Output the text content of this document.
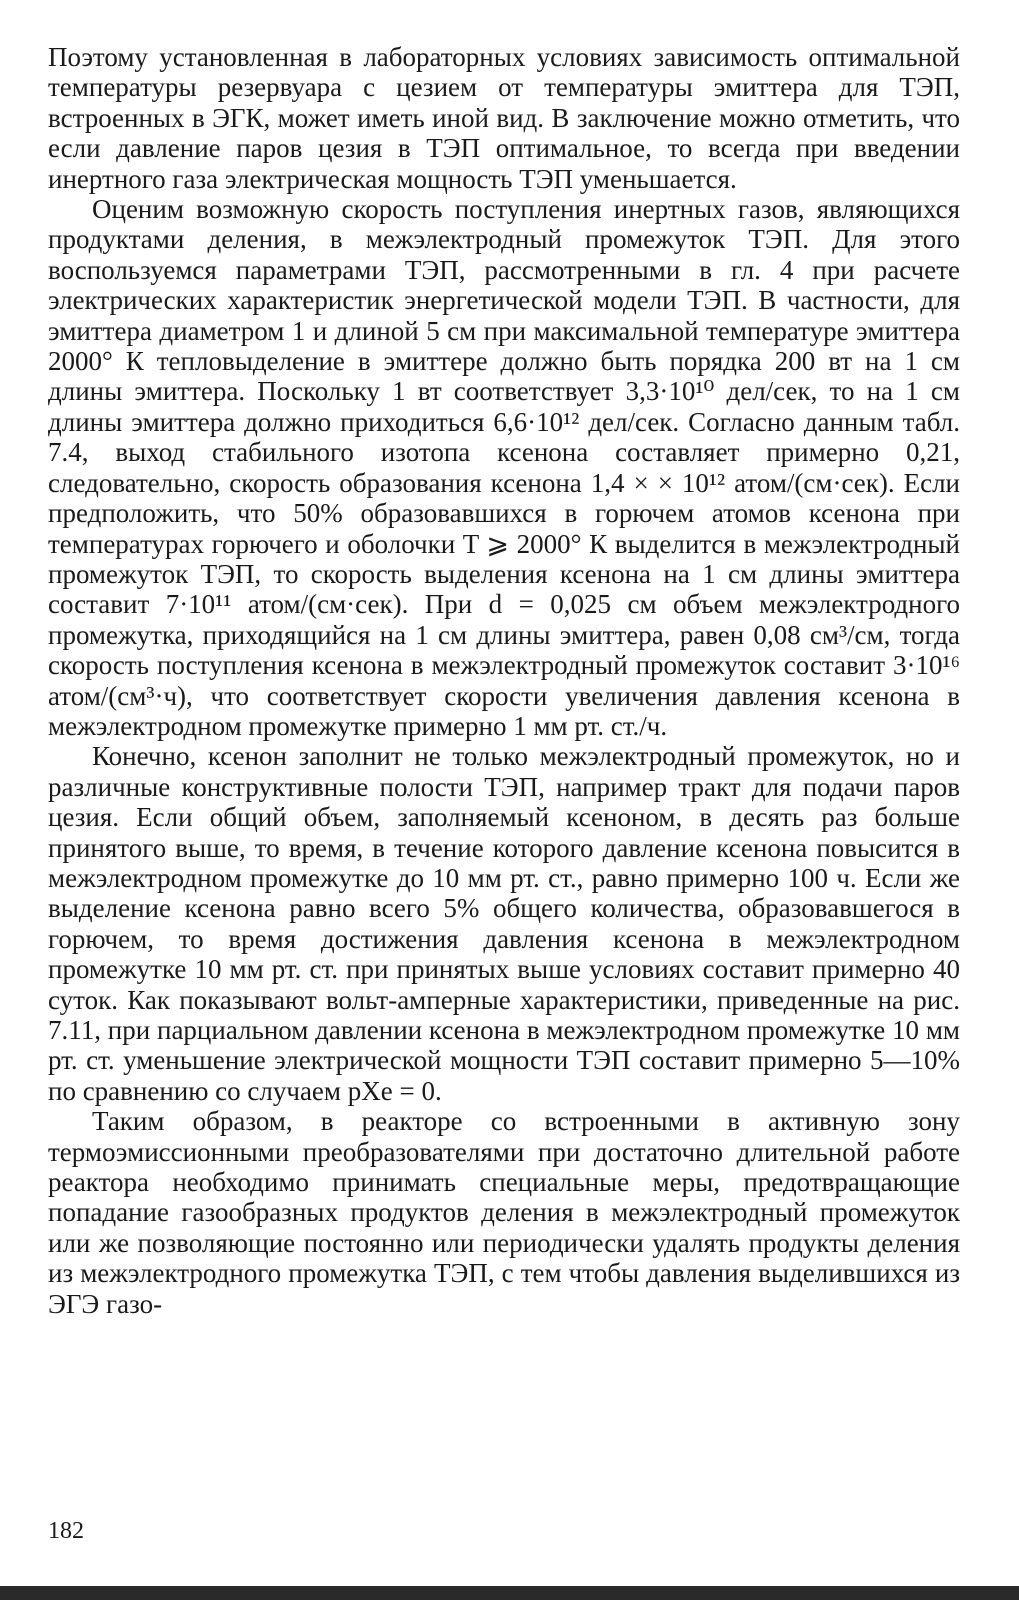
Поэтому установленная в лабораторных условиях зависимость оптимальной температуры резервуара с цезием от температуры эмиттера для ТЭП, встроенных в ЭГК, может иметь иной вид. В заключение можно отметить, что если давление паров цезия в ТЭП оптимальное, то всегда при введении инертного газа электрическая мощность ТЭП уменьшается.

Оценим возможную скорость поступления инертных газов, являющихся продуктами деления, в межэлектродный промежуток ТЭП. Для этого воспользуемся параметрами ТЭП, рассмотренными в гл. 4 при расчете электрических характеристик энергетической модели ТЭП. В частности, для эмиттера диаметром 1 и длиной 5 см при максимальной температуре эмиттера 2000° К тепловыделение в эмиттере должно быть порядка 200 вт на 1 см длины эмиттера. Поскольку 1 вт соответствует 3,3·10¹⁰ дел/сек, то на 1 см длины эмиттера должно приходиться 6,6·10¹² дел/сек. Согласно данным табл. 7.4, выход стабильного изотопа ксенона составляет примерно 0,21, следовательно, скорость образования ксенона 1,4 × × 10¹² атом/(см·сек). Если предположить, что 50% образовавшихся в горючем атомов ксенона при температурах горючего и оболочки T ⩾ 2000° К выделится в межэлектродный промежуток ТЭП, то скорость выделения ксенона на 1 см длины эмиттера составит 7·10¹¹ атом/(см·сек). При d = 0,025 см объем межэлектродного промежутка, приходящийся на 1 см длины эмиттера, равен 0,08 см³/см, тогда скорость поступления ксенона в межэлектродный промежуток составит 3·10¹⁶ атом/(см³·ч), что соответствует скорости увеличения давления ксенона в межэлектродном промежутке примерно 1 мм рт. ст./ч.

Конечно, ксенон заполнит не только межэлектродный промежуток, но и различные конструктивные полости ТЭП, например тракт для подачи паров цезия. Если общий объем, заполняемый ксеноном, в десять раз больше принятого выше, то время, в течение которого давление ксенона повысится в межэлектродном промежутке до 10 мм рт. ст., равно примерно 100 ч. Если же выделение ксенона равно всего 5% общего количества, образовавшегося в горючем, то время достижения давления ксенона в межэлектродном промежутке 10 мм рт. ст. при принятых выше условиях составит примерно 40 суток. Как показывают вольт-амперные характеристики, приведенные на рис. 7.11, при парциальном давлении ксенона в межэлектродном промежутке 10 мм рт. ст. уменьшение электрической мощности ТЭП составит примерно 5—10% по сравнению со случаем pXe = 0.

Таким образом, в реакторе со встроенными в активную зону термоэмиссионными преобразователями при достаточно длительной работе реактора необходимо принимать специальные меры, предотвращающие попадание газообразных продуктов деления в межэлектродный промежуток или же позволяющие постоянно или периодически удалять продукты деления из межэлектродного промежутка ТЭП, с тем чтобы давления выделившихся из ЭГЭ газо-

182
